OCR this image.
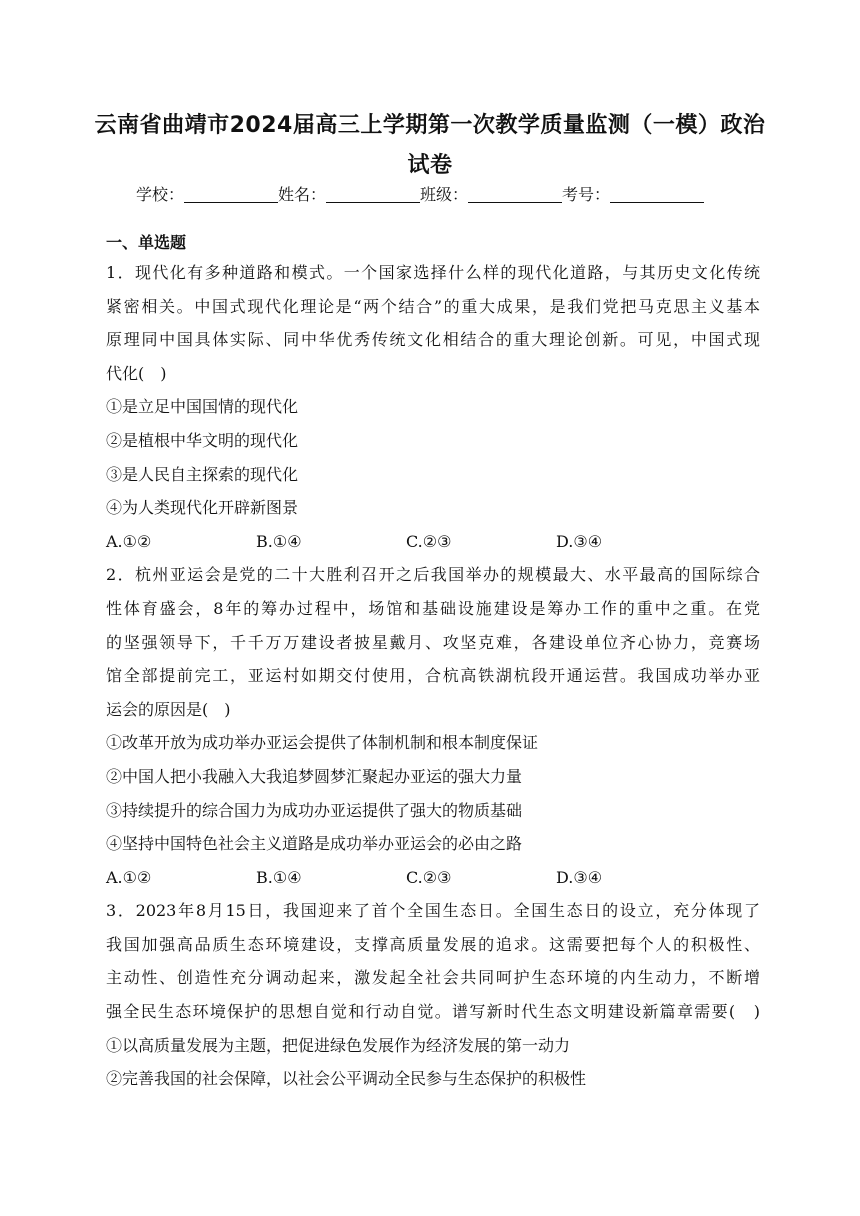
云南省曲靖市2024届高三上学期第一次教学质量监测（一模）政治试卷
学校：	姓名：	班级：	考号：
一、单选题
1．现代化有多种道路和模式。一个国家选择什么样的现代化道路，与其历史文化传统
紧密相关。中国式现代化理论是“两个结合”的重大成果，是我们党把马克思主义基本
原理同中国具体实际、同中华优秀传统文化相结合的重大理论创新。可见，中国式现
代化(　)
①是立足中国国情的现代化
②是植根中华文明的现代化
③是人民自主探索的现代化
④为人类现代化开辟新图景
A.①②	B.①④	C.②③	D.③④
2．杭州亚运会是党的二十大胜利召开之后我国举办的规模最大、水平最高的国际综合
性体育盛会，8年的筹办过程中，场馆和基础设施建设是筹办工作的重中之重。在党
的坚强领导下，千千万万建设者披星戴月、攻坚克难，各建设单位齐心协力，竞赛场
馆全部提前完工，亚运村如期交付使用，合杭高铁湖杭段开通运营。我国成功举办亚
运会的原因是(　)
①改革开放为成功举办亚运会提供了体制机制和根本制度保证
②中国人把小我融入大我追梦圆梦汇聚起办亚运的强大力量
③持续提升的综合国力为成功办亚运提供了强大的物质基础
④坚持中国特色社会主义道路是成功举办亚运会的必由之路
A.①②	B.①④	C.②③	D.③④
3．2023年8月15日，我国迎来了首个全国生态日。全国生态日的设立，充分体现了
我国加强高品质生态环境建设，支撑高质量发展的追求。这需要把每个人的积极性、
主动性、创造性充分调动起来，激发起全社会共同呵护生态环境的内生动力，不断增
强全民生态环境保护的思想自觉和行动自觉。谱写新时代生态文明建设新篇章需要(　)
①以高质量发展为主题，把促进绿色发展作为经济发展的第一动力
②完善我国的社会保障，以社会公平调动全民参与生态保护的积极性
